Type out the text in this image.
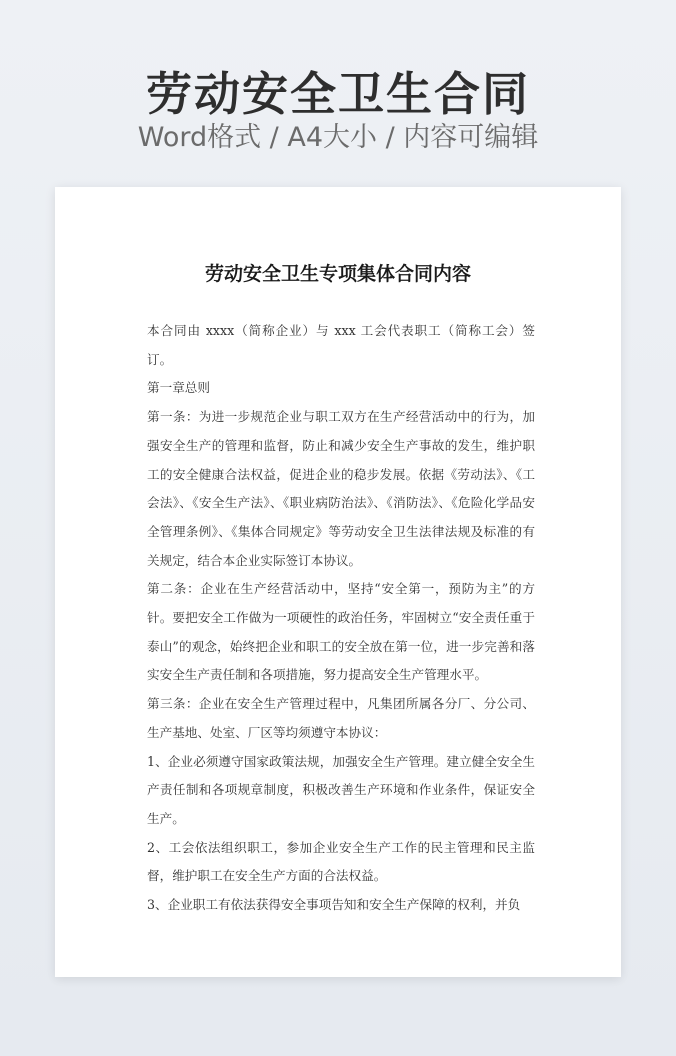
劳动安全卫生合同
Word格式 / A4大小 / 内容可编辑
劳动安全卫生专项集体合同内容

本合同由 xxxx（简称企业）与 xxx 工会代表职工（简称工会）签订。

第一章总则

第一条：为进一步规范企业与职工双方在生产经营活动中的行为，加强安全生产的管理和监督，防止和减少安全生产事故的发生，维护职工的安全健康合法权益，促进企业的稳步发展。依据《劳动法》、《工会法》、《安全生产法》、《职业病防治法》、《消防法》、《危险化学品安全管理条例》、《集体合同规定》等劳动安全卫生法律法规及标准的有关规定，结合本企业实际签订本协议。

第二条：企业在生产经营活动中，坚持“安全第一，预防为主”的方针。要把安全工作做为一项硬性的政治任务，牢固树立“安全责任重于泰山”的观念，始终把企业和职工的安全放在第一位，进一步完善和落实安全生产责任制和各项措施，努力提高安全生产管理水平。

第三条：企业在安全生产管理过程中，凡集团所属各分厂、分公司、生产基地、处室、厂区等均须遵守本协议：

1、企业必须遵守国家政策法规，加强安全生产管理。建立健全安全生产责任制和各项规章制度，积极改善生产环境和作业条件，保证安全生产。

2、工会依法组织职工，参加企业安全生产工作的民主管理和民主监督，维护职工在安全生产方面的合法权益。

3、企业职工有依法获得安全事项告知和安全生产保障的权利，并负
